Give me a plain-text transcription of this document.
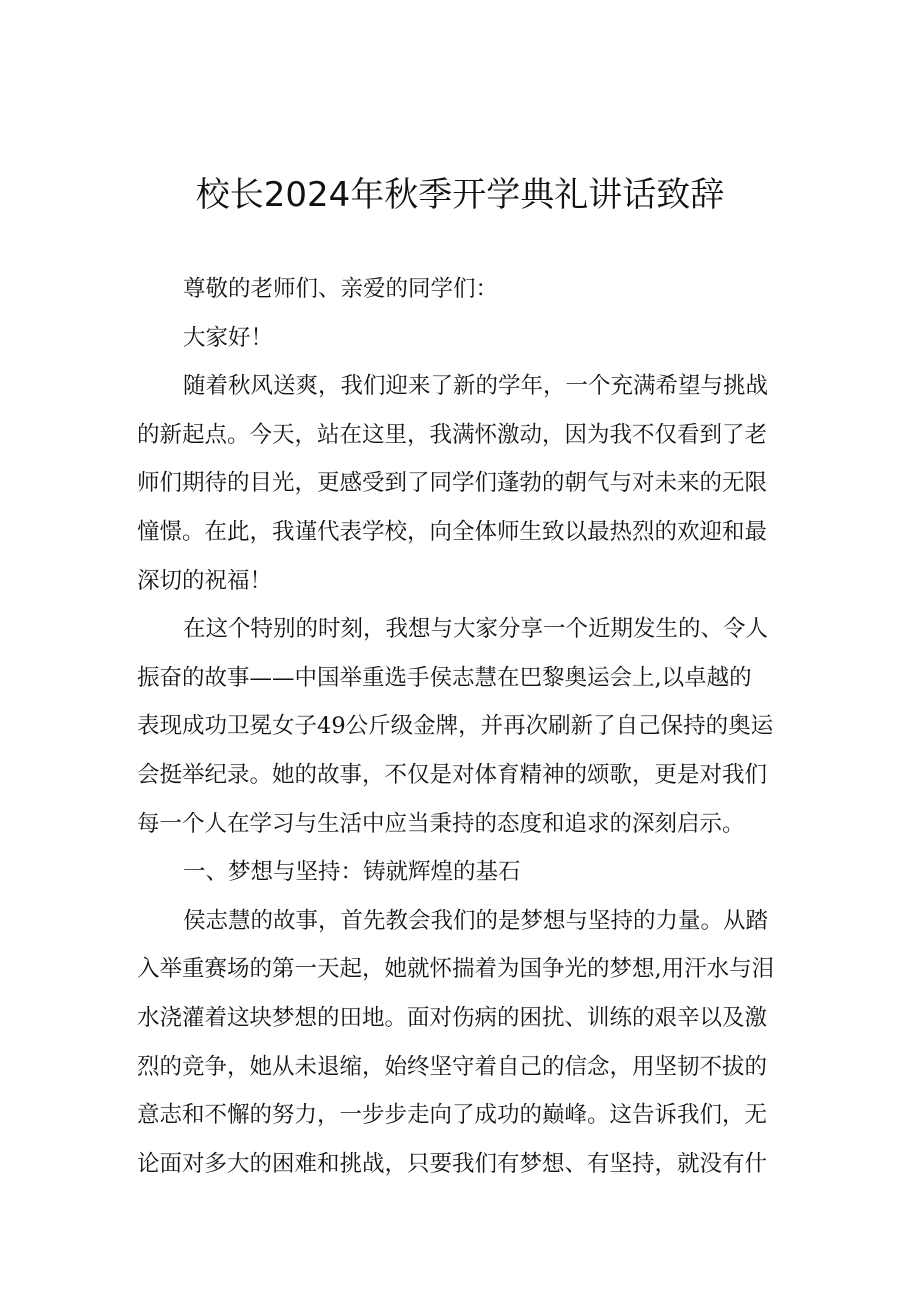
校长2024年秋季开学典礼讲话致辞
尊敬的老师们、亲爱的同学们：
大家好！
随着秋风送爽，我们迎来了新的学年，一个充满希望与挑战
的新起点。今天，站在这里，我满怀激动，因为我不仅看到了老
师们期待的目光，更感受到了同学们蓬勃的朝气与对未来的无限
憧憬。在此，我谨代表学校，向全体师生致以最热烈的欢迎和最
深切的祝福！
在这个特别的时刻，我想与大家分享一个近期发生的、令人
振奋的故事——中国举重选手侯志慧在巴黎奥运会上,以卓越的
表现成功卫冕女子49公斤级金牌，并再次刷新了自己保持的奥运
会挺举纪录。她的故事，不仅是对体育精神的颂歌，更是对我们
每一个人在学习与生活中应当秉持的态度和追求的深刻启示。
一、梦想与坚持：铸就辉煌的基石
侯志慧的故事，首先教会我们的是梦想与坚持的力量。从踏
入举重赛场的第一天起，她就怀揣着为国争光的梦想,用汗水与泪
水浇灌着这块梦想的田地。面对伤病的困扰、训练的艰辛以及激
烈的竞争，她从未退缩，始终坚守着自己的信念，用坚韧不拔的
意志和不懈的努力，一步步走向了成功的巅峰。这告诉我们，无
论面对多大的困难和挑战，只要我们有梦想、有坚持，就没有什
